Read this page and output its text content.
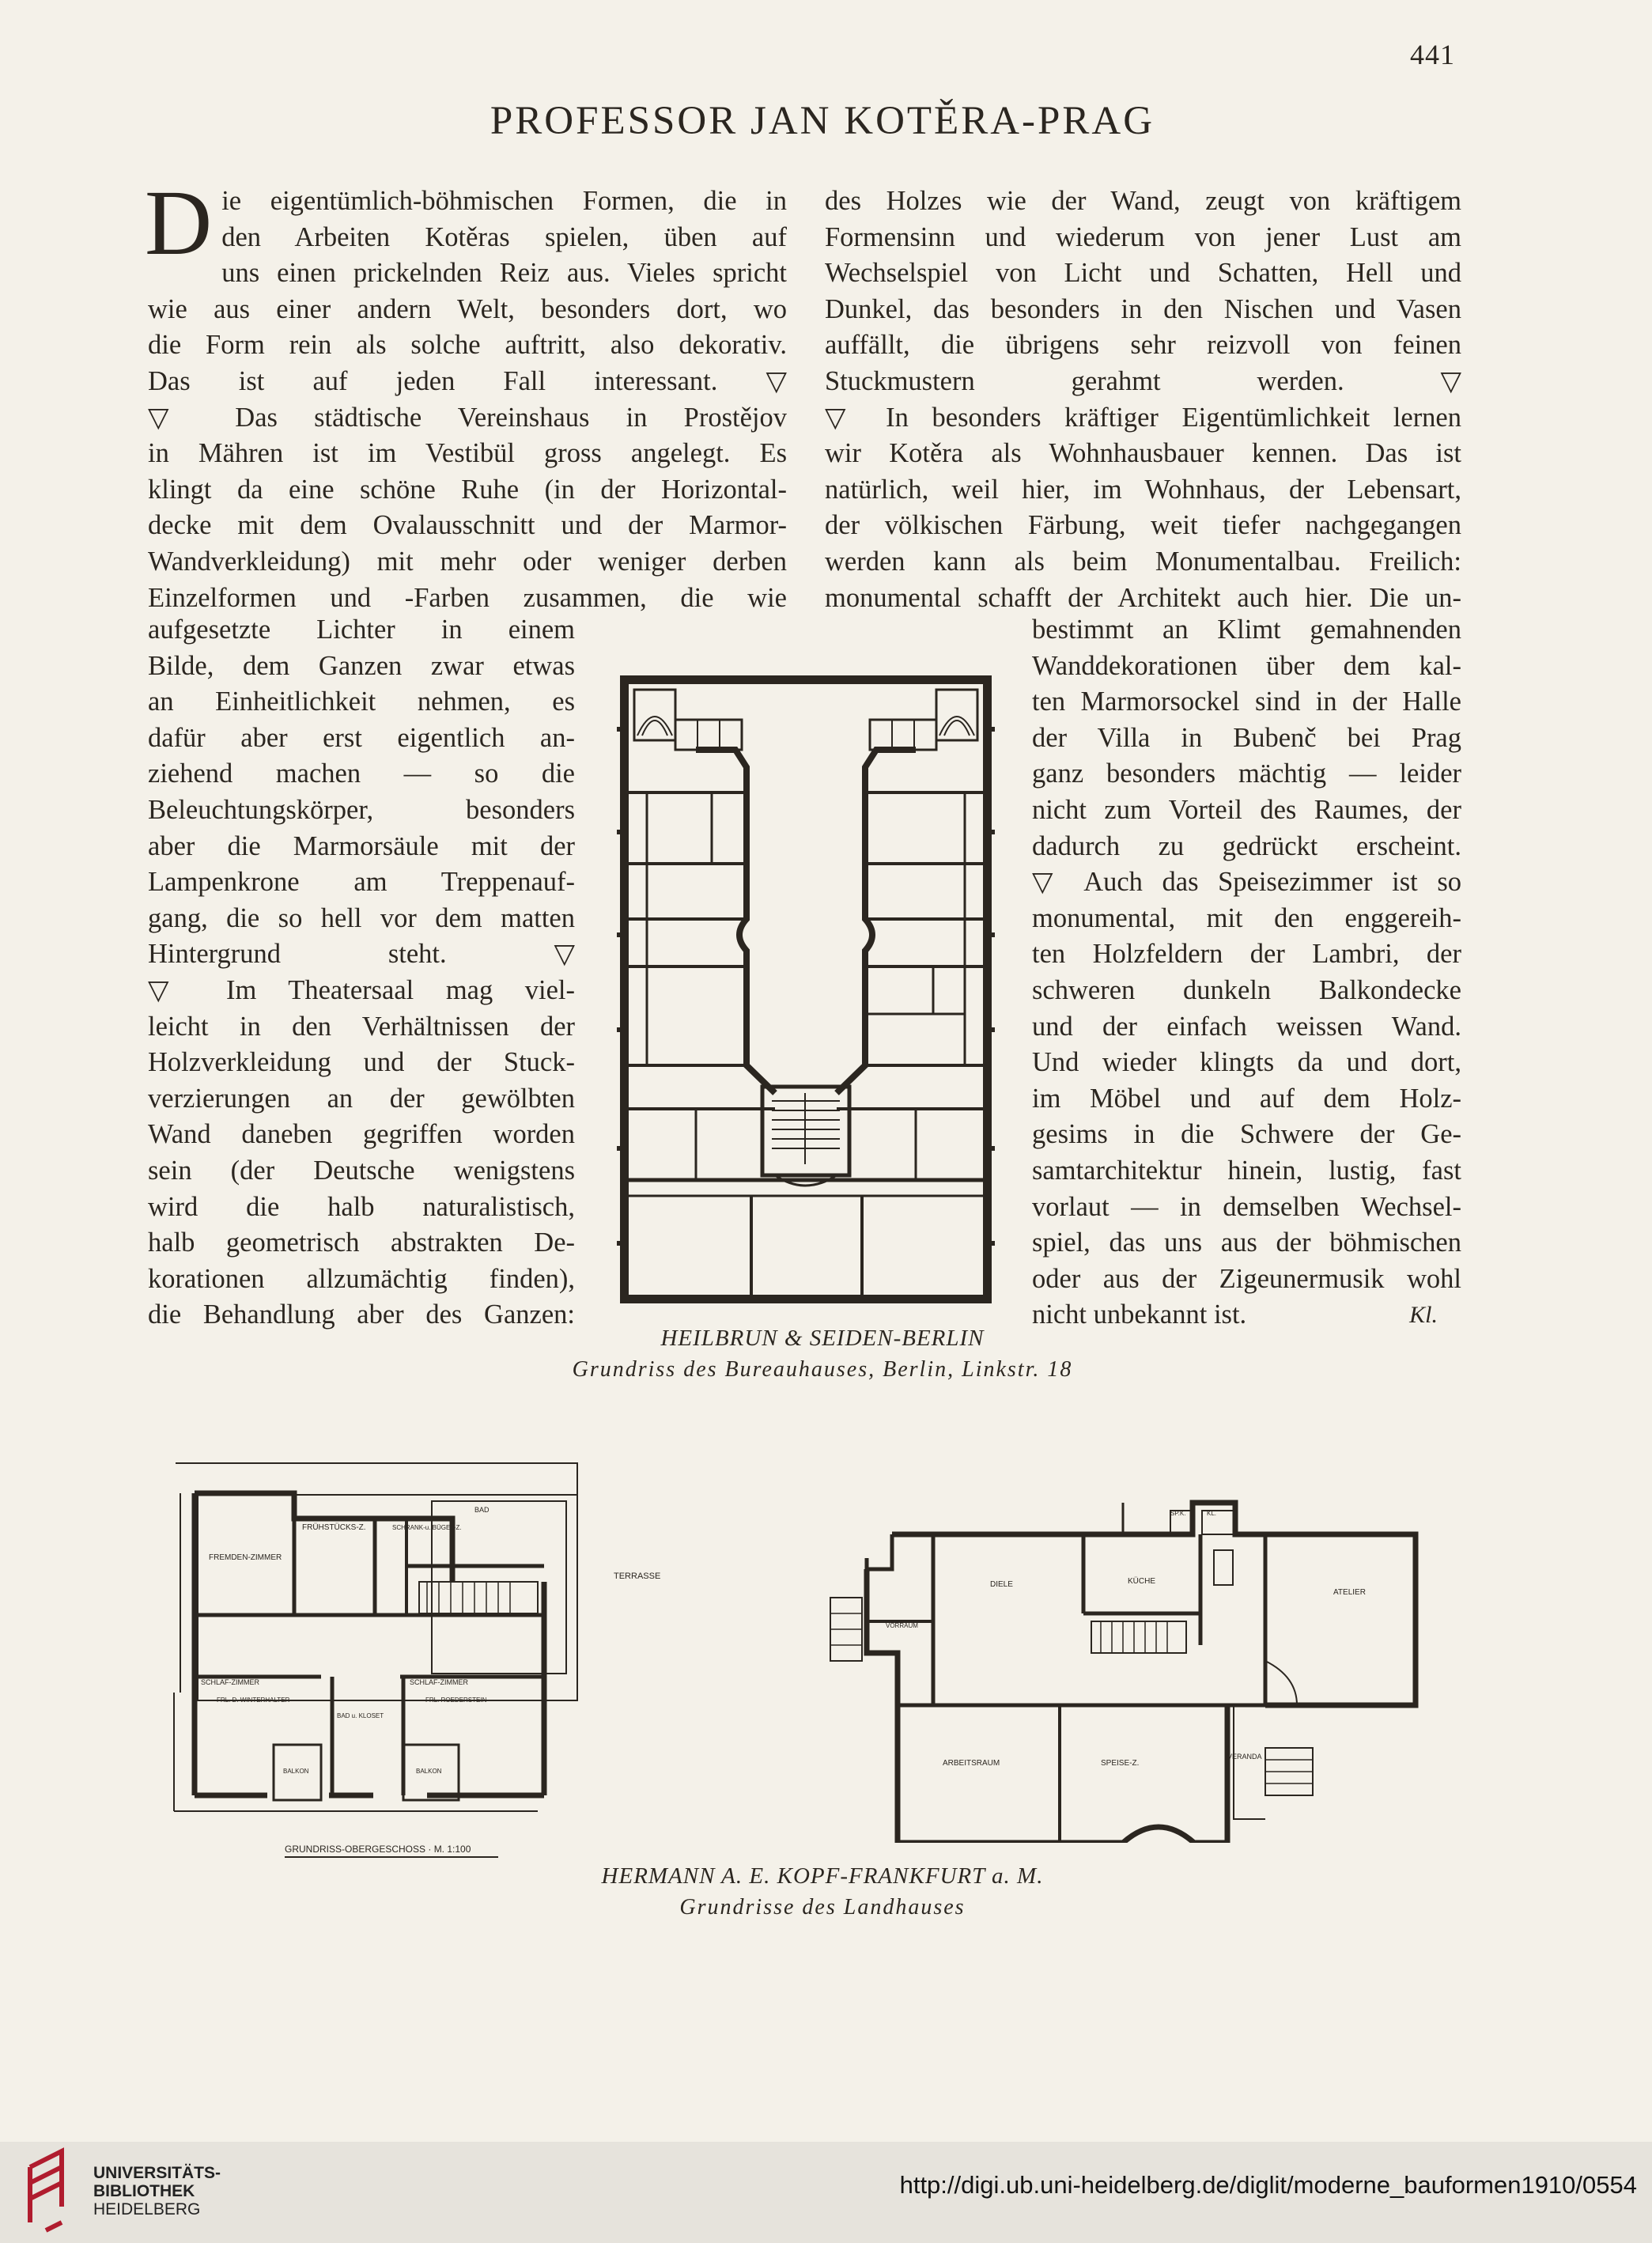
441
PROFESSOR JAN KOTĚRA-PRAG
D ie eigentümlich-böhmischen Formen, die in
den Arbeiten Kotěras spielen, üben auf
uns einen prickelnden Reiz aus. Vieles spricht
wie aus einer andern Welt, besonders dort, wo
die Form rein als solche auftritt, also dekorativ.
Das ist auf jeden Fall interessant. ▽
▽ Das städtische Vereinshaus in Prostějov
in Mähren ist im Vestibül gross angelegt. Es
klingt da eine schöne Ruhe (in der Horizontal-
decke mit dem Ovalausschnitt und der Marmor-
Wandverkleidung) mit mehr oder weniger derben
Einzelformen und -Farben zusammen, die wie
aufgesetzte Lichter in einem
Bilde, dem Ganzen zwar etwas
an Einheitlichkeit nehmen, es
dafür aber erst eigentlich an-
ziehend machen — so die
Beleuchtungskörper, besonders
aber die Marmorsäule mit der
Lampenkrone am Treppenauf-
gang, die so hell vor dem matten
Hintergrund steht. ▽
▽ Im Theatersaal mag viel-
leicht in den Verhältnissen der
Holzverkleidung und der Stuck-
verzierungen an der gewölbten
Wand daneben gegriffen worden
sein (der Deutsche wenigstens
wird die halb naturalistisch,
halb geometrisch abstrakten De-
korationen allzumächtig finden),
die Behandlung aber des Ganzen:
des Holzes wie der Wand, zeugt von kräftigem
Formensinn und wiederum von jener Lust am
Wechselspiel von Licht und Schatten, Hell und
Dunkel, das besonders in den Nischen und Vasen
auffällt, die übrigens sehr reizvoll von feinen
Stuckmustern gerahmt werden. ▽
▽ In besonders kräftiger Eigentümlichkeit lernen
wir Kotěra als Wohnhausbauer kennen. Das ist
natürlich, weil hier, im Wohnhaus, der Lebensart,
der völkischen Färbung, weit tiefer nachgegangen
werden kann als beim Monumentalbau. Freilich:
monumental schafft der Architekt auch hier. Die un-
bestimmt an Klimt gemahnenden
Wanddekorationen über dem kal-
ten Marmorsockel sind in der Halle
der Villa in Bubenč bei Prag
ganz besonders mächtig — leider
nicht zum Vorteil des Raumes, der
dadurch zu gedrückt erscheint.
▽ Auch das Speisezimmer ist so
monumental, mit den enggereih-
ten Holzfeldern der Lambri, der
schweren dunkeln Balkondecke
und der einfach weissen Wand.
Und wieder klingts da und dort,
im Möbel und auf dem Holz-
gesims in die Schwere der Ge-
samtarchitektur hinein, lustig, fast
vorlaut — in demselben Wechsel-
spiel, das uns aus der böhmischen
oder aus der Zigeunermusik wohl
nicht unbekannt ist.	Kl.
HEILBRUN & SEIDEN-BERLIN
Grundriss des Bureauhauses, Berlin, Linkstr. 18
FREMDEN-ZIMMER
FRÜHSTÜCKS-Z.	SCHRANK-u. BÜGEL-Z.
BAD
TERRASSE
SCHLAF-ZIMMER
FRL. D. WINTERHALTER
SCHLAF-ZIMMER
FRL. ROEDERSTEIN
BAD u. KLOSET
BALKON	BALKON
GRUNDRISS-OBERGESCHOSS · M. 1:100
SP.K.	KL.
DIELE	KÜCHE
ATELIER
VORRAUM
ARBEITSRAUM	SPEISE-Z.
VERANDA
HERMANN A. E. KOPF-FRANKFURT a. M.
Grundrisse des Landhauses
UNIVERSITÄTS-
BIBLIOTHEK
HEIDELBERG
http://digi.ub.uni-heidelberg.de/diglit/moderne_bauformen1910/0554
